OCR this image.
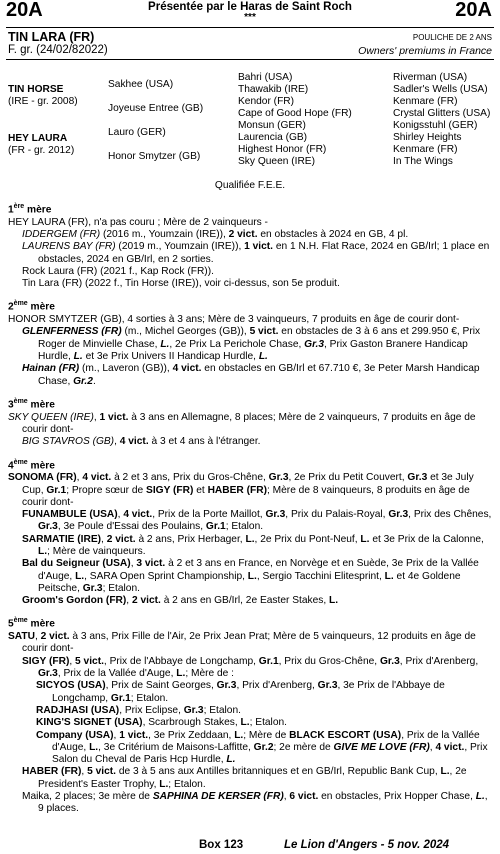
20A	Présentée par le Haras de Saint Roch
***	20A
TIN LARA (FR)
F. gr. (24/02/82022)
POULICHE DE 2 ANS
Owners' premiums in France
TIN HORSE
(IRE - gr. 2008)
HEY LAURA
(FR - gr. 2012)
Sakhee (USA)
Joyeuse Entree (GB)
Lauro (GER)
Honor Smytzer (GB)
Bahri (USA)
Thawakib (IRE)
Kendor (FR)
Cape of Good Hope (FR)
Monsun (GER)
Laurencia (GB)
Highest Honor (FR)
Sky Queen (IRE)
Riverman (USA)
Sadler's Wells (USA)
Kenmare (FR)
Crystal Glitters (USA)
Konigsstuhl (GER)
Shirley Heights
Kenmare (FR)
In The Wings
Qualifiée F.E.E.
1ère mère
HEY LAURA (FR), n'a pas couru ; Mère de 2 vainqueurs -
IDDERGEM (FR) (2016 m., Youmzain (IRE)), 2 vict. en obstacles à 2024 en GB, 4 pl.
LAURENS BAY (FR) (2019 m., Youmzain (IRE)), 1 vict. en 1 N.H. Flat Race, 2024 en GB/Irl; 1 place en obstacles, 2024 en GB/Irl, en 2 sorties.
Rock Laura (FR) (2021 f., Kap Rock (FR)).
Tin Lara (FR) (2022 f., Tin Horse (IRE)), voir ci-dessus, son 5e produit.
2ème mère
HONOR SMYTZER (GB), 4 sorties à 3 ans; Mère de 3 vainqueurs, 7 produits en âge de courir dont-
GLENFERNESS (FR) (m., Michel Georges (GB)), 5 vict. en obstacles de 3 à 6 ans et 299.950 €, Prix Roger de Minvielle Chase, L., 2e Prix La Perichole Chase, Gr.3, Prix Gaston Branere Handicap Hurdle, L. et 3e Prix Univers II Handicap Hurdle, L.
Hainan (FR) (m., Laveron (GB)), 4 vict. en obstacles en GB/Irl et 67.710 €, 3e Peter Marsh Handicap Chase, Gr.2.
3ème mère
SKY QUEEN (IRE), 1 vict. à 3 ans en Allemagne, 8 places; Mère de 2 vainqueurs, 7 produits en âge de courir dont-
BIG STAVROS (GB), 4 vict. à 3 et 4 ans à l'étranger.
4ème mère
SONOMA (FR), 4 vict. à 2 et 3 ans, Prix du Gros-Chêne, Gr.3, 2e Prix du Petit Couvert, Gr.3 et 3e July Cup, Gr.1; Propre sœur de SIGY (FR) et HABER (FR); Mère de 8 vainqueurs, 8 produits en âge de courir dont-
FUNAMBULE (USA), 4 vict., Prix de la Porte Maillot, Gr.3, Prix du Palais-Royal, Gr.3, Prix des Chênes, Gr.3, 3e Poule d'Essai des Poulains, Gr.1; Etalon.
SARMATIE (IRE), 2 vict. à 2 ans, Prix Herbager, L., 2e Prix du Pont-Neuf, L. et 3e Prix de la Calonne, L.; Mère de vainqueurs.
Bal du Seigneur (USA), 3 vict. à 2 et 3 ans en France, en Norvège et en Suède, 3e Prix de la Vallée d'Auge, L., SARA Open Sprint Championship, L., Sergio Tacchini Elitesprint, L. et 4e Goldene Peitsche, Gr.3; Etalon.
Groom's Gordon (FR), 2 vict. à 2 ans en GB/Irl, 2e Easter Stakes, L.
5ème mère
SATU, 2 vict. à 3 ans, Prix Fille de l'Air, 2e Prix Jean Prat; Mère de 5 vainqueurs, 12 produits en âge de courir dont-
SIGY (FR), 5 vict., Prix de l'Abbaye de Longchamp, Gr.1, Prix du Gros-Chêne, Gr.3, Prix d'Arenberg, Gr.3, Prix de la Vallée d'Auge, L.; Mère de :
SICYOS (USA), Prix de Saint Georges, Gr.3, Prix d'Arenberg, Gr.3, 3e Prix de l'Abbaye de Longchamp, Gr.1; Etalon.
RADJHASI (USA), Prix Eclipse, Gr.3; Etalon.
KING'S SIGNET (USA), Scarbrough Stakes, L.; Etalon.
Company (USA), 1 vict., 3e Prix Zeddaan, L.; Mère de BLACK ESCORT (USA), Prix de la Vallée d'Auge, L., 3e Critérium de Maisons-Laffitte, Gr.2; 2e mère de GIVE ME LOVE (FR), 4 vict., Prix Salon du Cheval de Paris Hcp Hurdle, L.
HABER (FR), 5 vict. de 3 à 5 ans aux Antilles britanniques et en GB/Irl, Republic Bank Cup, L., 2e President's Easter Trophy, L.; Etalon.
Maika, 2 places; 3e mère de SAPHINA DE KERSER (FR), 6 vict. en obstacles, Prix Hopper Chase, L., 9 places.
Box 123	Le Lion d'Angers - 5 nov. 2024
